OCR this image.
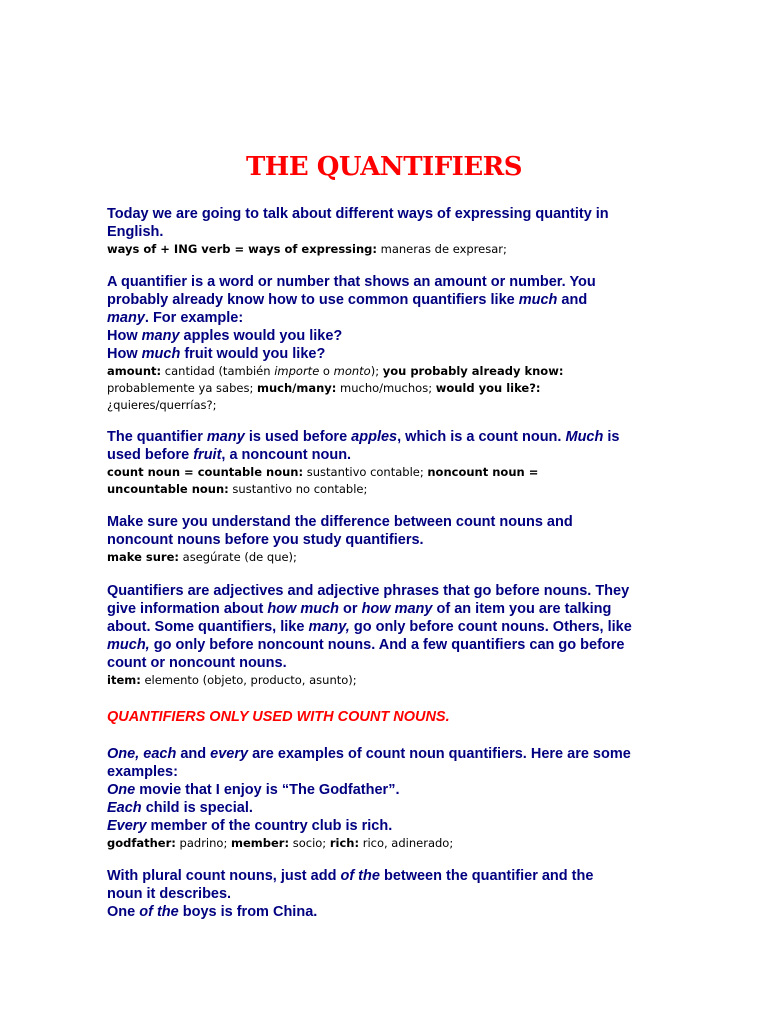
THE QUANTIFIERS

Today we are going to talk about different ways of expressing quantity in

English.

ways of + ING verb = ways of expressing: maneras de expresar;

A quantifier is a word or number that shows an amount or number. You

probably already know how to use common quantifiers like much and

many. For example:

How many apples would you like?

How much fruit would you like?

amount: cantidad (también importe o monto); you probably already know:

probablemente ya sabes; much/many: mucho/muchos; would you like?:

¿quieres/querrías?;

The quantifier many is used before apples, which is a count noun. Much is

used before fruit, a noncount noun.

count noun = countable noun: sustantivo contable; noncount noun =

uncountable noun: sustantivo no contable;

Make sure you understand the difference between count nouns and

noncount nouns before you study quantifiers.

make sure: asegúrate (de que);

Quantifiers are adjectives and adjective phrases that go before nouns. They

give information about how much or how many of an item you are talking

about. Some quantifiers, like many, go only before count nouns. Others, like

much, go only before noncount nouns. And a few quantifiers can go before

count or noncount nouns.

item: elemento (objeto, producto, asunto);

QUANTIFIERS ONLY USED WITH COUNT NOUNS.

One, each and every are examples of count noun quantifiers. Here are some

examples:

One movie that I enjoy is “The Godfather”.

Each child is special.

Every member of the country club is rich.

godfather: padrino; member: socio; rich: rico, adinerado;

With plural count nouns, just add of the between the quantifier and the

noun it describes.

One of the boys is from China.
